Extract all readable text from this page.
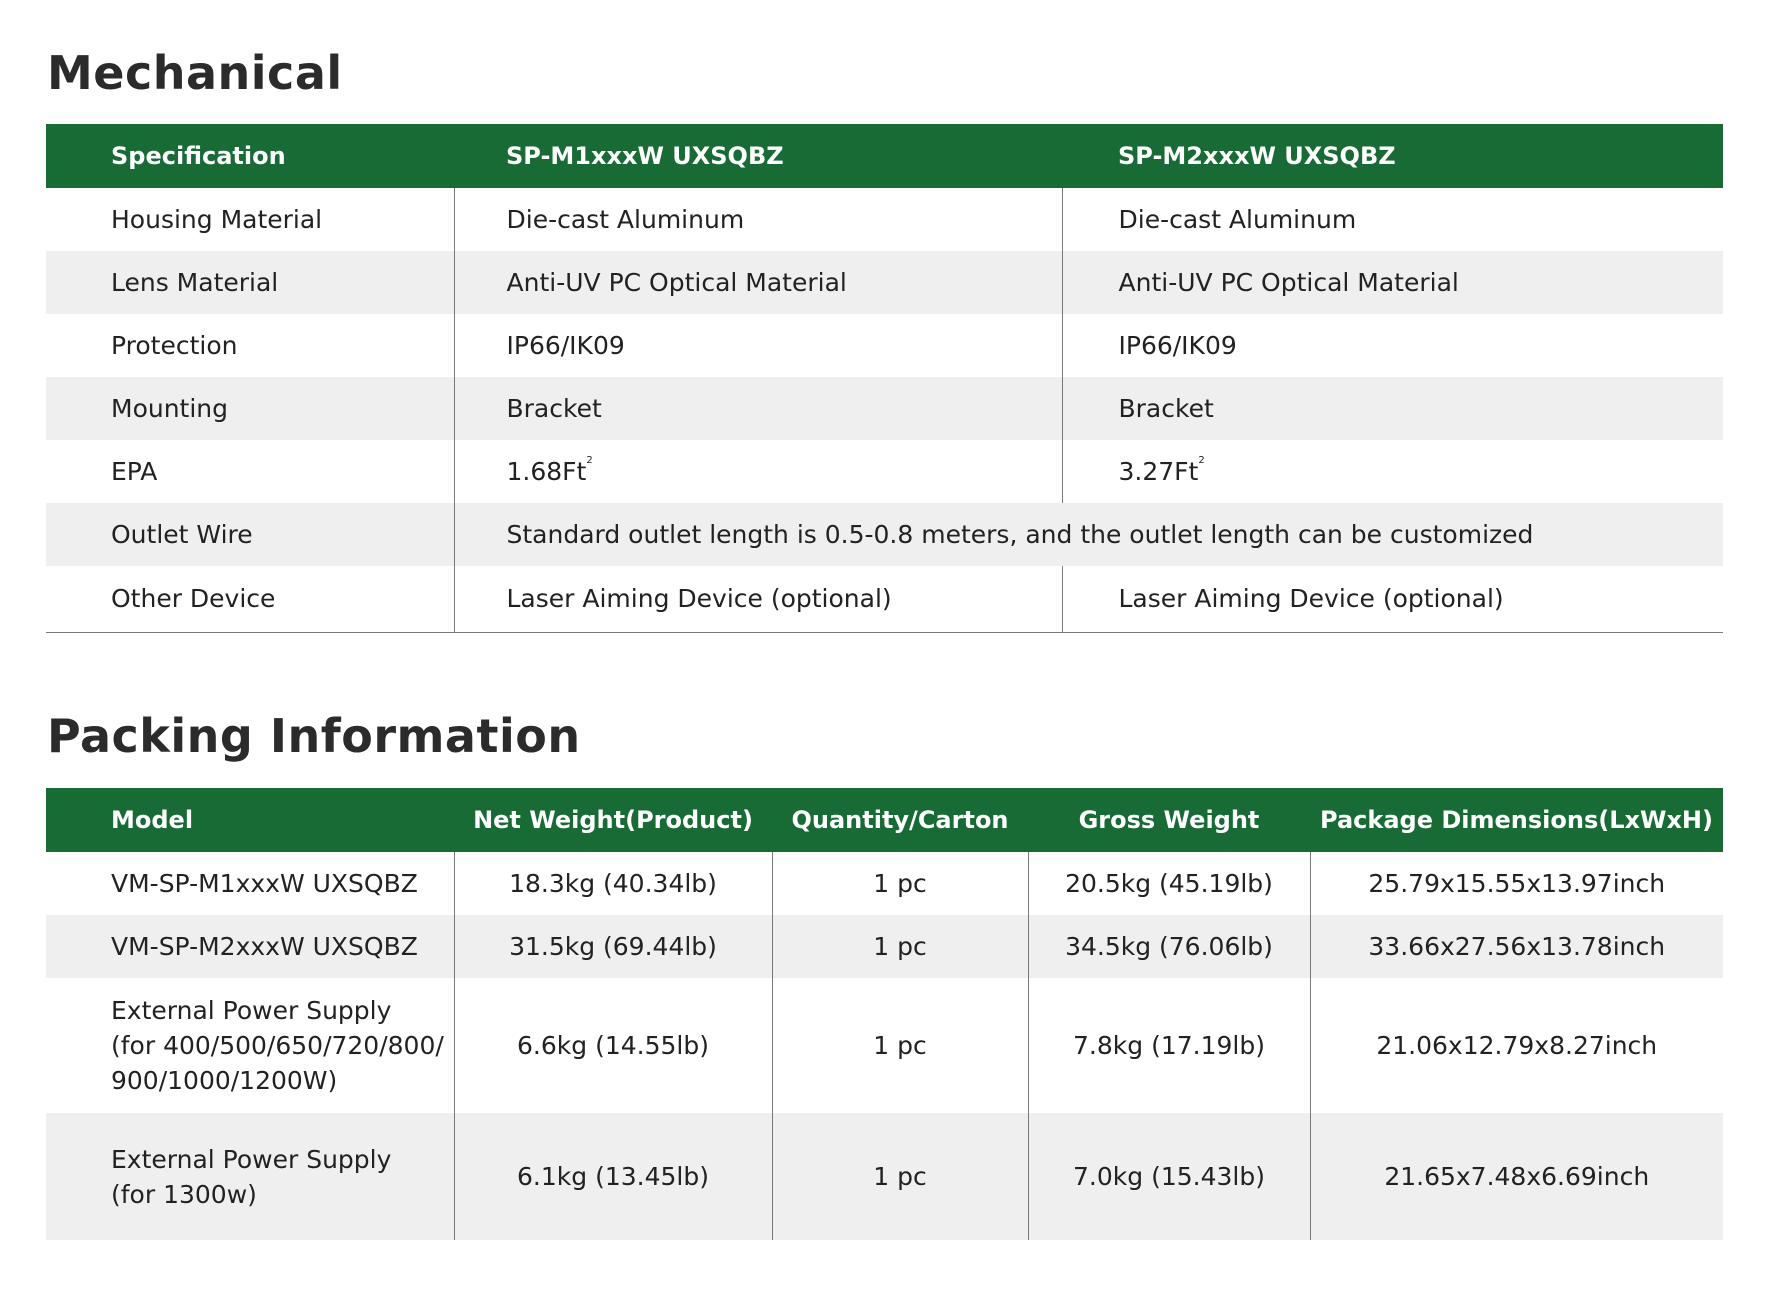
Mechanical
Specification	SP-M1xxxW UXSQBZ	SP-M2xxxW UXSQBZ
Housing Material	Die-cast Aluminum	Die-cast Aluminum
Lens Material	Anti-UV PC Optical Material	Anti-UV PC Optical Material
Protection	IP66/IK09	IP66/IK09
Mounting	Bracket	Bracket
EPA	1.68Ft$^2$	3.27Ft$^2$
Outlet Wire	Standard outlet length is 0.5-0.8 meters, and the outlet length can be customized	
Other Device	Laser Aiming Device (optional)	Laser Aiming Device (optional)
Packing Information
Model	Net Weight(Product)	Quantity/Carton	Gross Weight	Package Dimensions(LxWxH)
VM-SP-M1xxxW UXSQBZ	18.3kg (40.34lb)	1 pc	20.5kg (45.19lb)	25.79x15.55x13.97inch
VM-SP-M2xxxW UXSQBZ	31.5kg (69.44lb)	1 pc	34.5kg (76.06lb)	33.66x27.56x13.78inch

External Power Supply
(for 400/500/650/720/800/
900/1000/1200W)	6.6kg (14.55lb)	1 pc	7.8kg (17.19lb)	21.06x12.79x8.27inch

External Power Supply
(for 1300w)	6.1kg (13.45lb)	1 pc	7.0kg (15.43lb)	21.65x7.48x6.69inch
